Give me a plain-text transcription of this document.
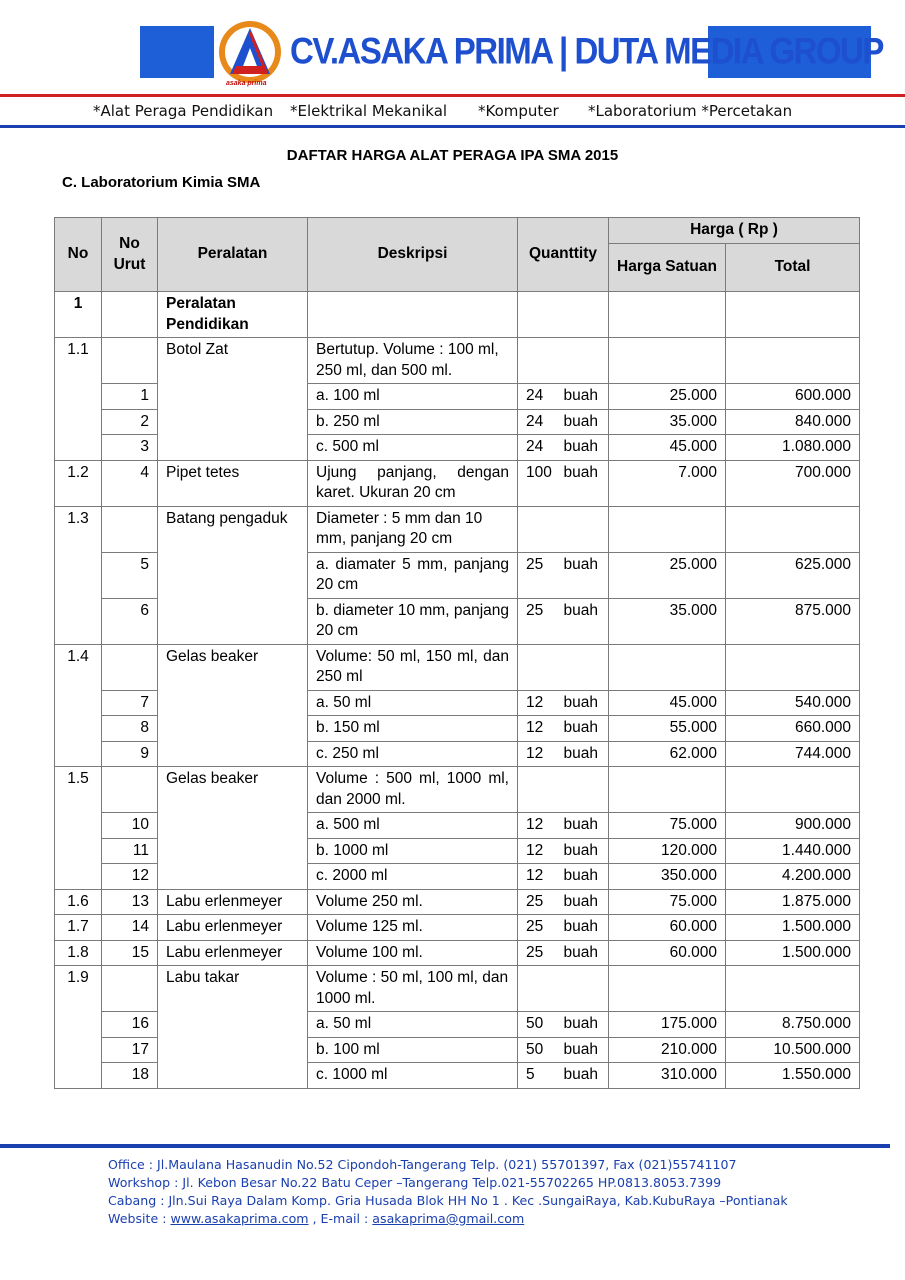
CV.ASAKA PRIMA | DUTA MEDIA GROUP
asaka prima
*Alat Peraga Pendidikan *Elektrikal Mekanikal *Komputer *Laboratorium *Percetakan
DAFTAR HARGA ALAT PERAGA IPA SMA 2015
C. Laboratorium Kimia SMA
No	No Urut	Peralatan	Deskripsi	Quanttity	Harga ( Rp )	
					Harga Satuan	Total
1		Peralatan Pendidikan				
1.1		Botol Zat	Bertutup. Volume : 100 ml, 250 ml, dan 500 ml.			
	1		a. 100 ml	24 buah	25.000	600.000
	2		b. 250 ml	24 buah	35.000	840.000
	3		c. 500 ml	24 buah	45.000	1.080.000
1.2	4	Pipet tetes	Ujung panjang, dengan karet. Ukuran 20 cm	100 buah	7.000	700.000
1.3		Batang pengaduk	Diameter : 5 mm dan 10 mm, panjang 20 cm			
	5		a. diamater 5 mm, panjang 20 cm	25 buah	25.000	625.000
	6		b. diameter 10 mm, panjang 20 cm	25 buah	35.000	875.000
1.4		Gelas beaker	Volume: 50 ml, 150 ml, dan 250 ml			
	7		a. 50 ml	12 buah	45.000	540.000
	8		b. 150 ml	12 buah	55.000	660.000
	9		c. 250 ml	12 buah	62.000	744.000
1.5		Gelas beaker	Volume : 500 ml, 1000 ml, dan 2000 ml.			
	10		a. 500 ml	12 buah	75.000	900.000
	11		b. 1000 ml	12 buah	120.000	1.440.000
	12		c. 2000 ml	12 buah	350.000	4.200.000
1.6	13	Labu erlenmeyer	Volume 250 ml.	25 buah	75.000	1.875.000
1.7	14	Labu erlenmeyer	Volume 125 ml.	25 buah	60.000	1.500.000
1.8	15	Labu erlenmeyer	Volume 100 ml.	25 buah	60.000	1.500.000
1.9		Labu takar	Volume : 50 ml, 100 ml, dan 1000 ml.			
	16		a. 50 ml	50 buah	175.000	8.750.000
	17		b. 100 ml	50 buah	210.000	10.500.000
	18		c. 1000 ml	5 buah	310.000	1.550.000
Office : Jl.Maulana Hasanudin No.52 Cipondoh-Tangerang Telp. (021) 55701397, Fax (021)55741107
Workshop : Jl. Kebon Besar No.22 Batu Ceper –Tangerang Telp.021-55702265 HP.0813.8053.7399
Cabang : Jln.Sui Raya Dalam Komp. Gria Husada Blok HH No 1 . Kec .SungaiRaya, Kab.KubuRaya –Pontianak
Website : www.asakaprima.com , E-mail : asakaprima@gmail.com
